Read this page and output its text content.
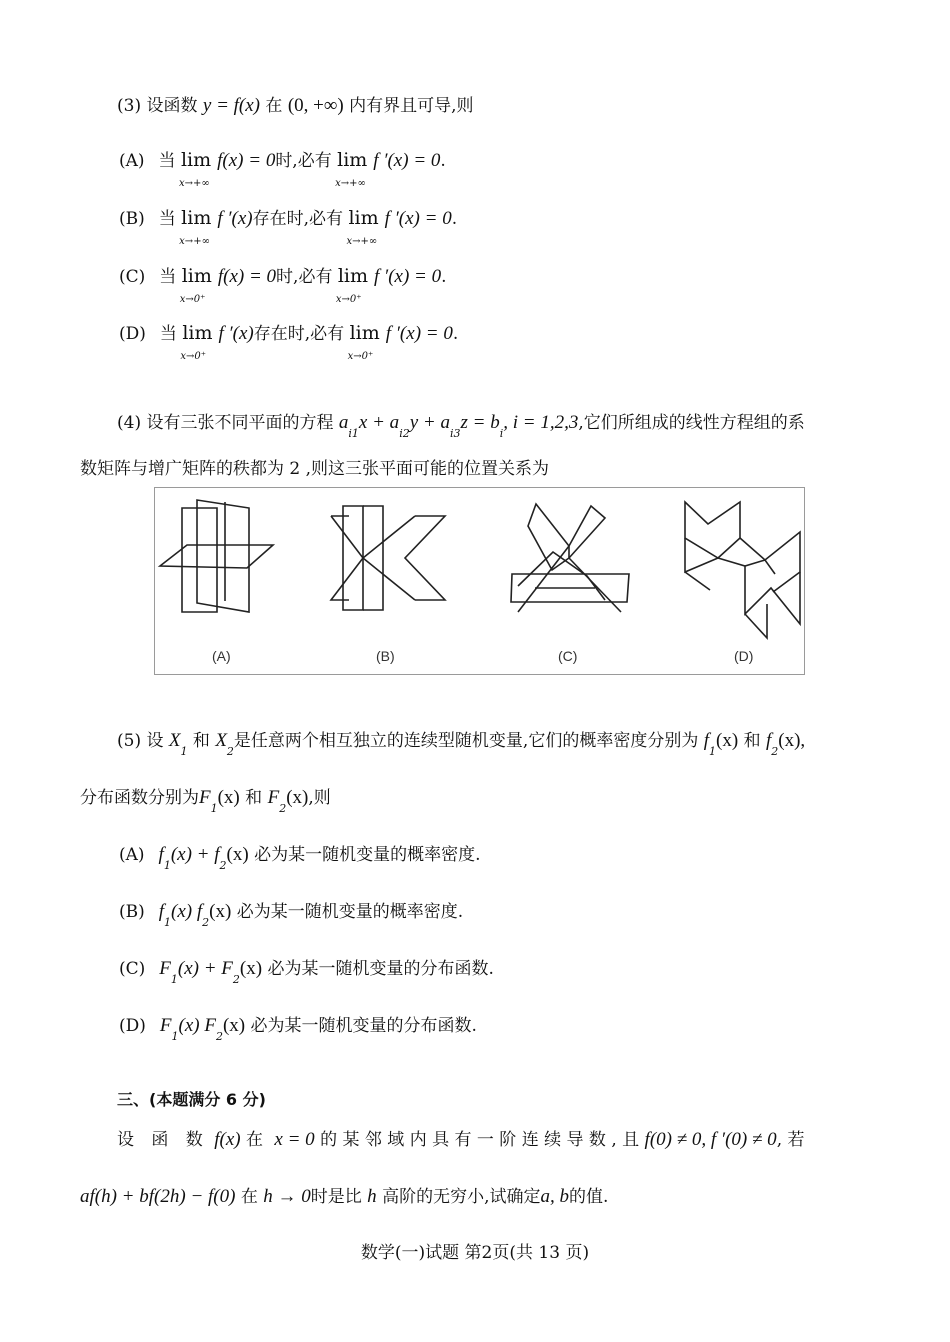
(3) 设函数 y = f(x) 在 (0, +∞) 内有界且可导,则
(A) 当 lim
x→+∞
f(x) = 0时,必有 lim
x→+∞
f ′(x) = 0.
(B) 当 lim
x→+∞
f ′(x)存在时,必有 lim
x→+∞
f ′(x) = 0.
(C) 当 lim
x→0⁺
f(x) = 0时,必有 lim
x→0⁺
f ′(x) = 0.
(D) 当 lim
x→0⁺
f ′(x)存在时,必有 lim
x→0⁺
f ′(x) = 0.
(4) 设有三张不同平面的方程 $a_{i1}x + a_{i2}y + a_{i3}z = b_i$, i = 1,2,3,它们所组成的线性方程组的系
数矩阵与增广矩阵的秩都为 2 ,则这三张平面可能的位置关系为
(A)	(B)	(C)	(D)
(5) 设 $X_1$ 和 $X_2$是任意两个相互独立的连续型随机变量,它们的概率密度分别为 $f_1(x)$ 和 $f_2(x)$,
分布函数分别为$F_1(x)$ 和 $F_2(x)$,则
(A) $f_1(x) + f_2(x)$ 必为某一随机变量的概率密度.
(B) $f_1(x)$ $f_2(x)$ 必为某一随机变量的概率密度.
(C) $F_1(x) + F_2(x)$ 必为某一随机变量的分布函数.
(D) $F_1(x)$ $F_2(x)$ 必为某一随机变量的分布函数.
三、(本题满分 6 分)
设 函 数 f(x) 在 x = 0 的 某 邻 域 内 具 有 一 阶 连 续 导 数 , 且 f(0) ≠ 0, f ′(0) ≠ 0, 若
af(h) + bf(2h) − f(0) 在 h → 0时是比 h 高阶的无穷小,试确定a, b的值.
数学(一)试题 第2页(共 13 页)
